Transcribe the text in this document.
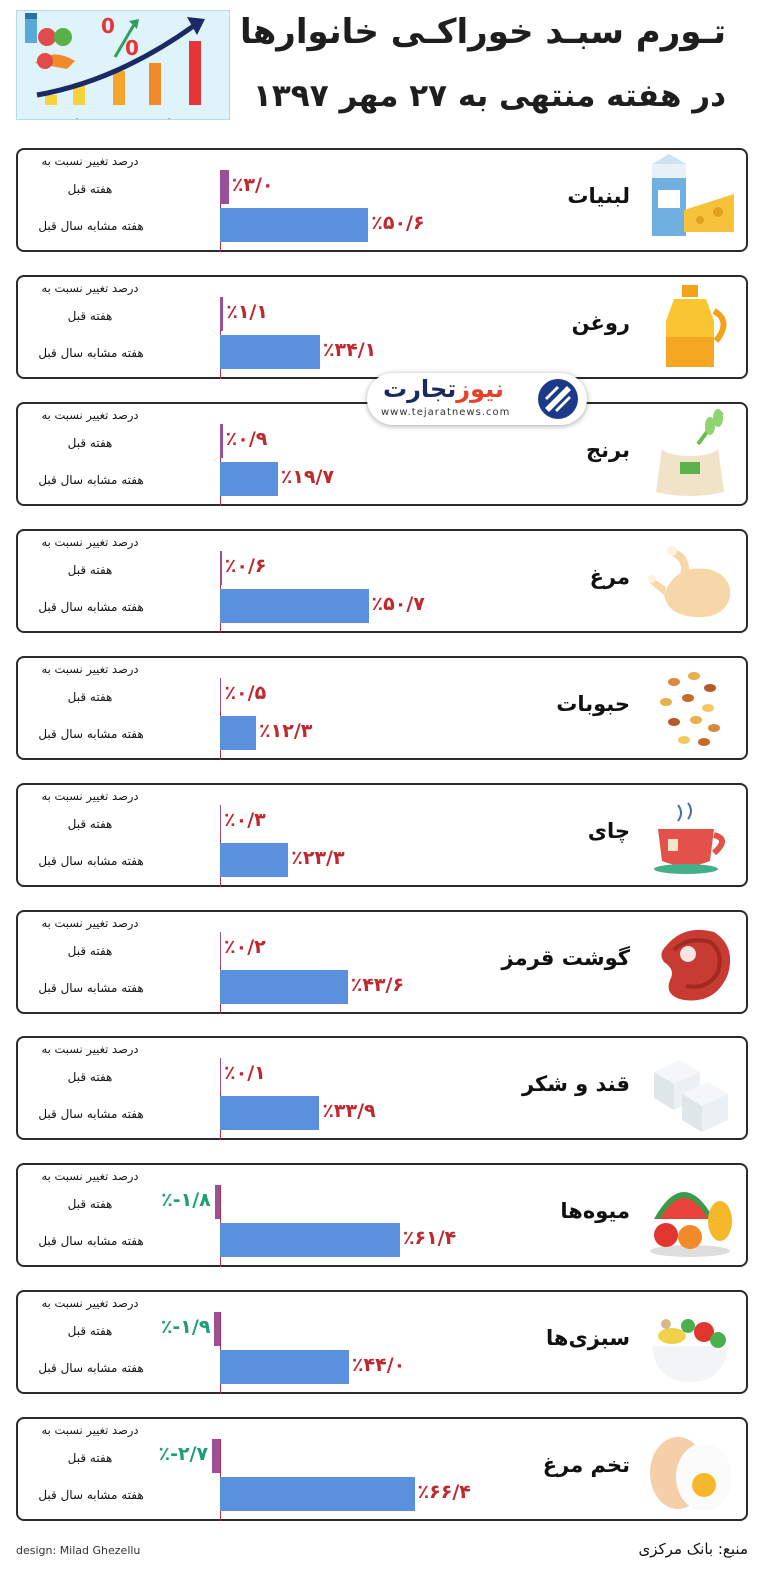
0
0	تـورم سبـد خوراکـی خانوارها
در هفته منتهی به ۲۷ مهر ۱۳۹۷
درصد تغییر نسبت به
هفته قبل
هفته مشابه سال قبل
٪۳/۰
٪۵۰/۶
لبنیات
درصد تغییر نسبت به
هفته قبل
هفته مشابه سال قبل
٪۱/۱
٪۳۴/۱
روغن
درصد تغییر نسبت به
هفته قبل
هفته مشابه سال قبل
٪۰/۹
٪۱۹/۷
برنج
درصد تغییر نسبت به
هفته قبل
هفته مشابه سال قبل
٪۰/۶
٪۵۰/۷
مرغ
درصد تغییر نسبت به
هفته قبل
هفته مشابه سال قبل
٪۰/۵
٪۱۲/۳
حبوبات
درصد تغییر نسبت به
هفته قبل
هفته مشابه سال قبل
٪۰/۳
٪۲۳/۳
چای
درصد تغییر نسبت به
هفته قبل
هفته مشابه سال قبل
٪۰/۲
٪۴۳/۶
گوشت قرمز
درصد تغییر نسبت به
هفته قبل
هفته مشابه سال قبل
٪۰/۱
٪۳۳/۹
قند و شکر
درصد تغییر نسبت به
هفته قبل
هفته مشابه سال قبل
٪-۱/۸
٪۶۱/۴
میوه‌ها
درصد تغییر نسبت به
هفته قبل
هفته مشابه سال قبل
٪-۱/۹
٪۴۴/۰
سبزی‌ها
درصد تغییر نسبت به
هفته قبل
هفته مشابه سال قبل
٪-۲/۷
٪۶۶/۴
تخم مرغ
نیوزتجارت
www.tejaratnews.com
design: Milad Ghezellu	منبع: بانک مرکزی
